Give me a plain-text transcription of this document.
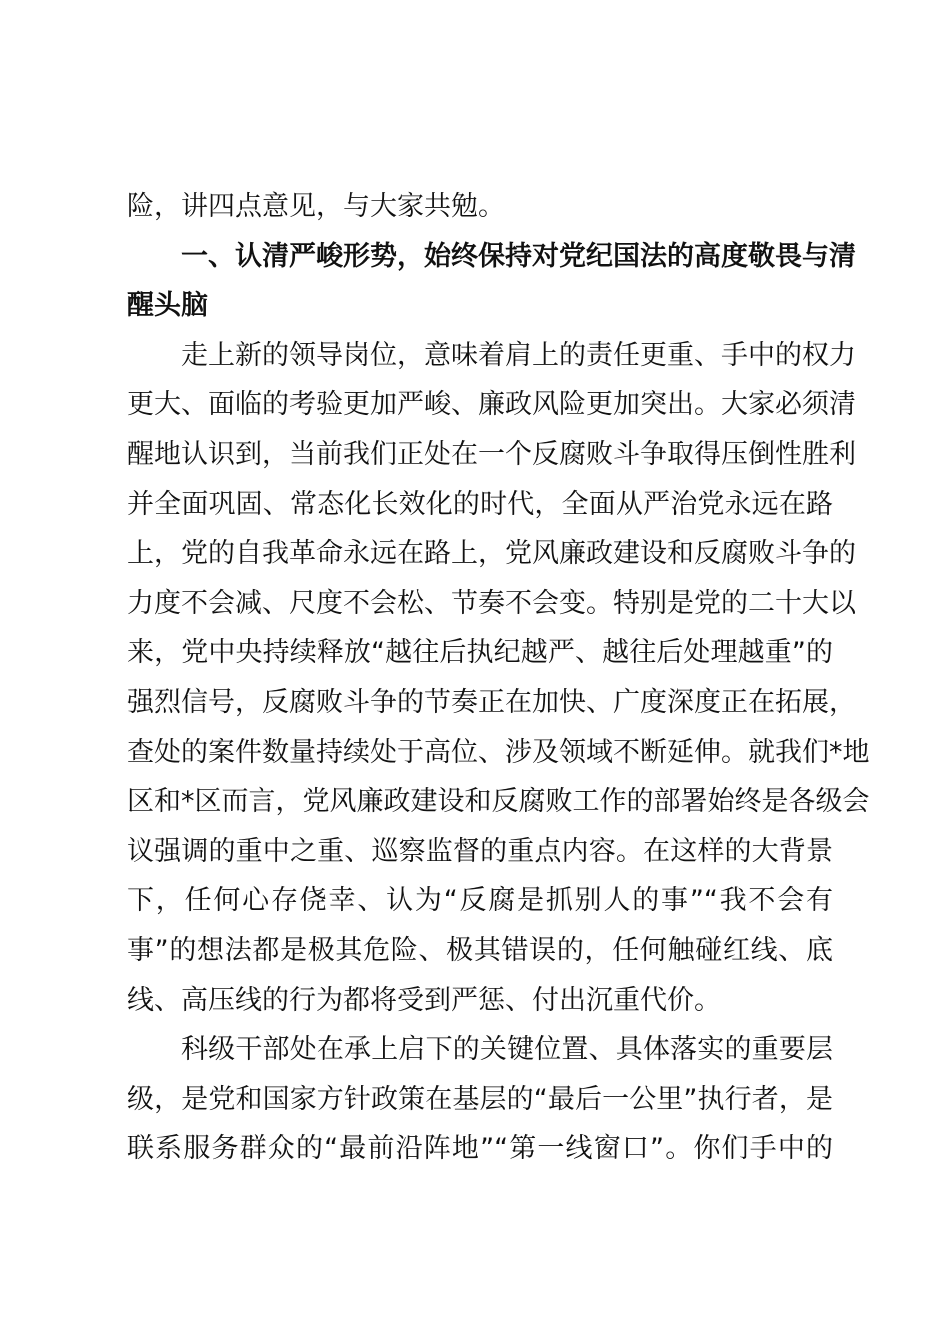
险，讲四点意见，与大家共勉。
一、认清严峻形势，始终保持对党纪国法的高度敬畏与清
醒头脑
走上新的领导岗位，意味着肩上的责任更重、手中的权力
更大、面临的考验更加严峻、廉政风险更加突出。大家必须清
醒地认识到，当前我们正处在一个反腐败斗争取得压倒性胜利
并全面巩固、常态化长效化的时代，全面从严治党永远在路
上，党的自我革命永远在路上，党风廉政建设和反腐败斗争的
力度不会减、尺度不会松、节奏不会变。特别是党的二十大以
来，党中央持续释放“越往后执纪越严、越往后处理越重”的
强烈信号，反腐败斗争的节奏正在加快、广度深度正在拓展，
查处的案件数量持续处于高位、涉及领域不断延伸。就我们*地
区和*区而言，党风廉政建设和反腐败工作的部署始终是各级会
议强调的重中之重、巡察监督的重点内容。在这样的大背景
下，任何心存侥幸、认为“反腐是抓别人的事”“我不会有
事”的想法都是极其危险、极其错误的，任何触碰红线、底
线、高压线的行为都将受到严惩、付出沉重代价。
科级干部处在承上启下的关键位置、具体落实的重要层
级，是党和国家方针政策在基层的“最后一公里”执行者，是
联系服务群众的“最前沿阵地”“第一线窗口”。你们手中的
